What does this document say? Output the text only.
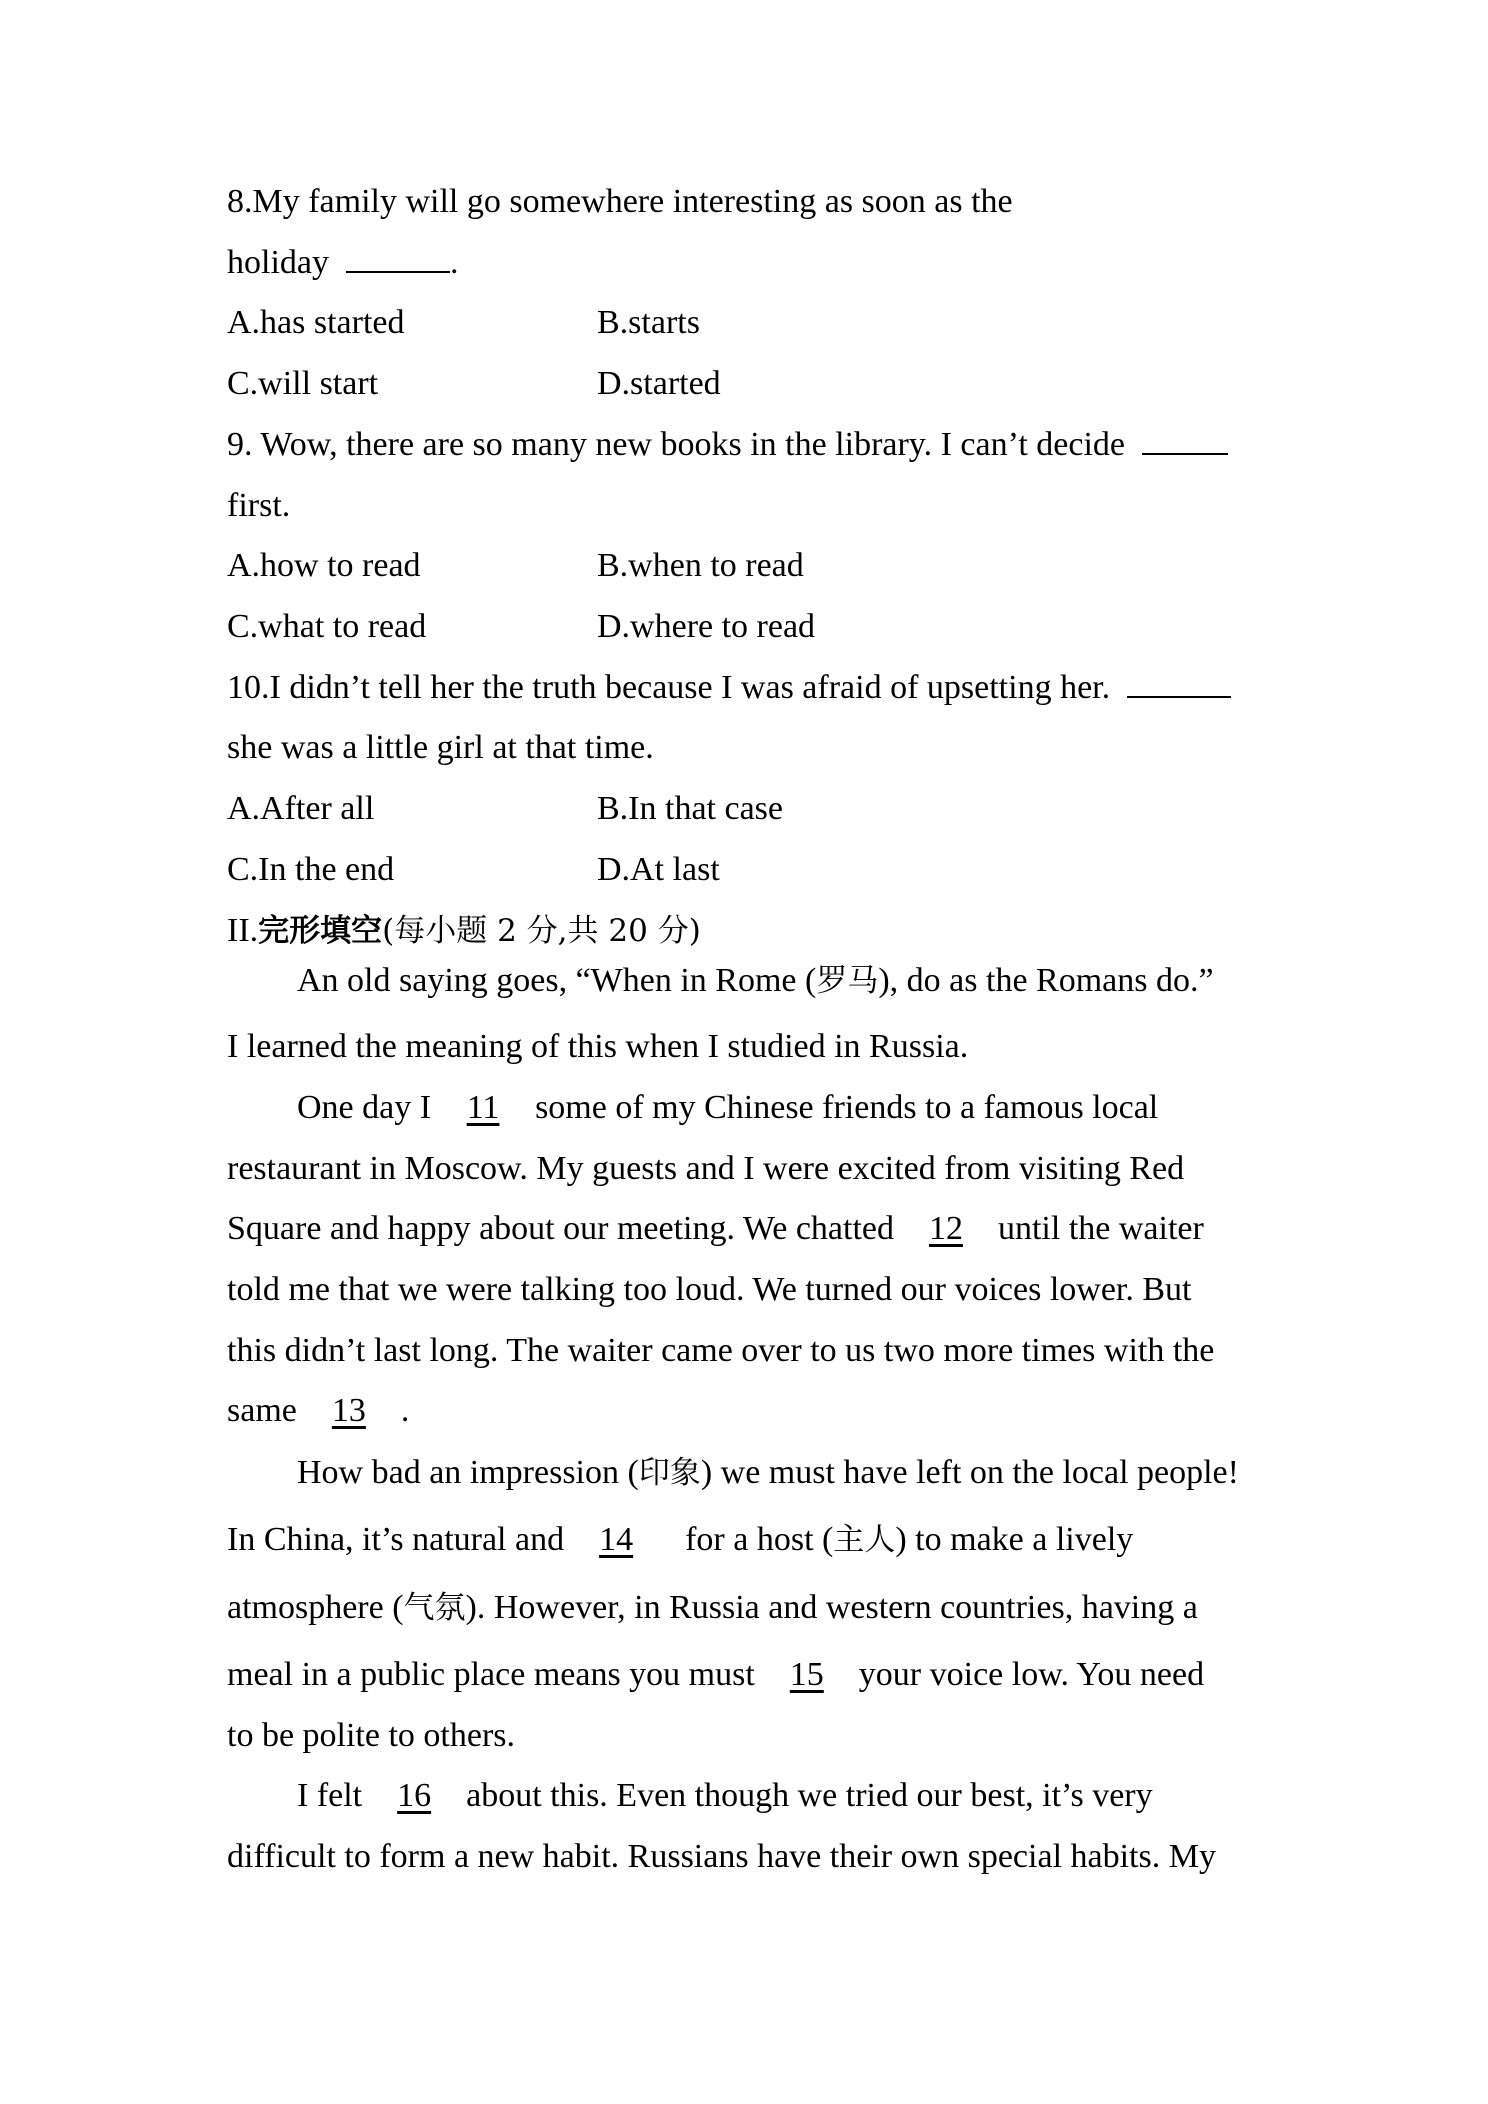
8.My family will go somewhere interesting as soon as the
holiday	.
A.has started	B.starts
C.will start	D.started
9. Wow, there are so many new books in the library. I can’t decide
first.
A.how to read	B.when to read
C.what to read	D.where to read
10.I didn’t tell her the truth because I was afraid of upsetting her.
she was a little girl at that time.
A.After all	B.In that case
C.In the end	D.At last
II.完形填空(每小题 2 分,共 20 分)
An old saying goes, “When in Rome (罗马), do as the Romans do.”
I learned the meaning of this when I studied in Russia.
One day I 11 some of my Chinese friends to a famous local
restaurant in Moscow. My guests and I were excited from visiting Red
Square and happy about our meeting. We chatted 12 until the waiter
told me that we were talking too loud. We turned our voices lower. But
this didn’t last long. The waiter came over to us two more times with the
same 13 .
How bad an impression (印象) we must have left on the local people!
In China, it’s natural and 14 for a host (主人) to make a lively
atmosphere (气氛). However, in Russia and western countries, having a
meal in a public place means you must 15 your voice low. You need
to be polite to others.
I felt 16 about this. Even though we tried our best, it’s very
difficult to form a new habit. Russians have their own special habits. My
